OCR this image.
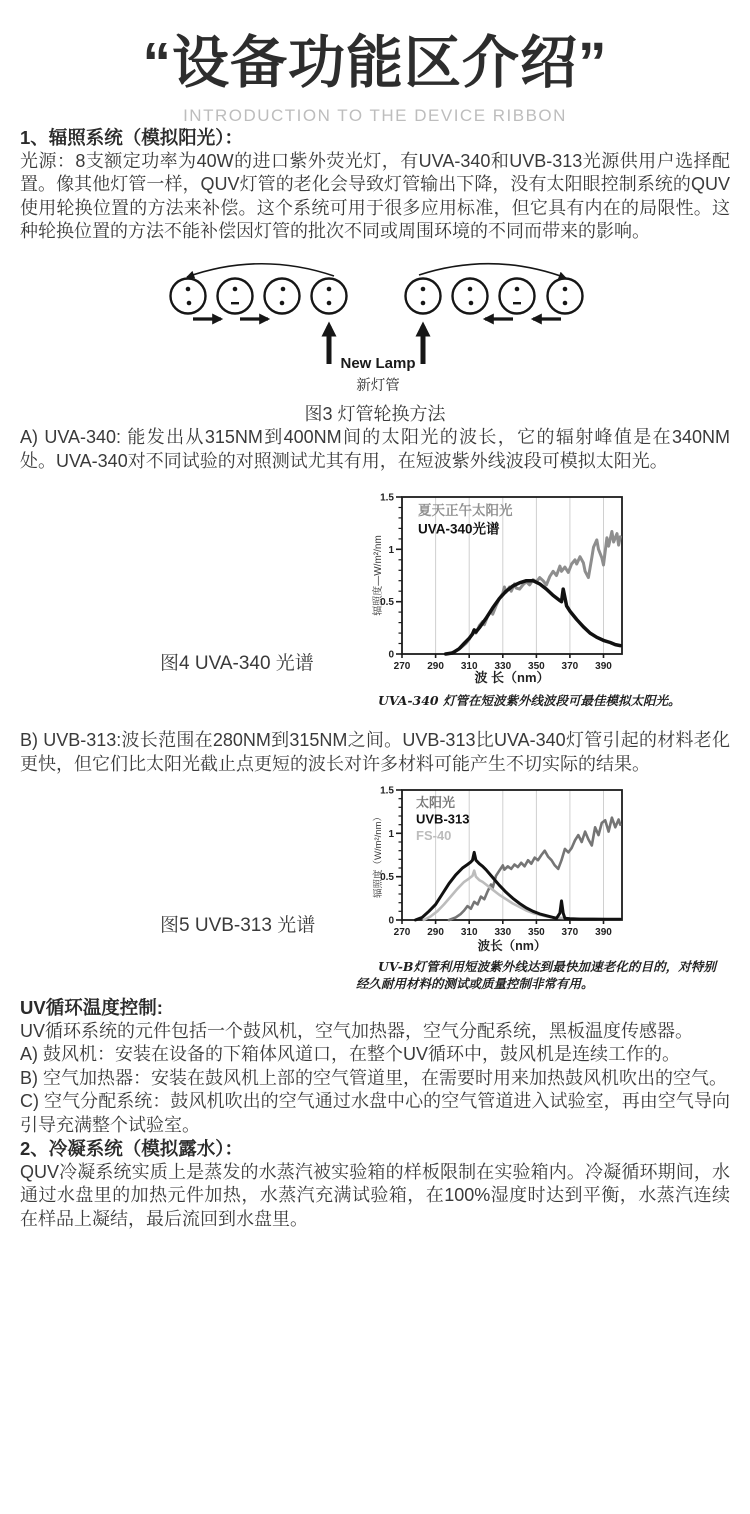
“设备功能区介绍”
INTRODUCTION TO THE DEVICE RIBBON

1、辐照系统（模拟阳光）：

光源：8支额定功率为40W的进口紫外荧光灯，有UVA-340和UVB-313光源供用户选择配置。像其他灯管一样，QUV灯管的老化会导致灯管输出下降，没有太阳眼控制系统的QUV使用轮换位置的方法来补偿。这个系统可用于很多应用标准，但它具有内在的局限性。这种轮换位置的方法不能补偿因灯管的批次不同或周围环境的不同而带来的影响。

New Lamp
新灯管
图3 灯管轮换方法

A) UVA-340: 能发出从315NM到400NM间的太阳光的波长，它的辐射峰值是在340NM处。UVA-340对不同试验的对照测试尤其有用，在短波紫外线波段可模拟太阳光。

图4 UVA-340 光谱	0
0.5
1
1.5
270 290 310 330 350 370 390
夏天正午太阳光
UVA-340光谱
波 长（nm）
辐照度—W/m²/nm
UVA-340 灯管在短波紫外线波段可最佳模拟太阳光。

B) UVB-313:波长范围在280NM到315NM之间。UVB-313比UVA-340灯管引起的材料老化更快，但它们比太阳光截止点更短的波长对许多材料可能产生不切实际的结果。

图5 UVB-313 光谱	0
0.5
1
1.5
270 290 310 330 350 370 390
太阳光
UVB-313
FS-40
波长（nm）
辐照度（W/m²/nm）
UV-B灯管利用短波紫外线达到最快加速老化的目的，对特别经久耐用材料的测试或质量控制非常有用。

UV循环温度控制:

UV循环系统的元件包括一个鼓风机，空气加热器，空气分配系统，黑板温度传感器。

A) 鼓风机：安装在设备的下箱体风道口，在整个UV循环中，鼓风机是连续工作的。

B) 空气加热器：安装在鼓风机上部的空气管道里，在需要时用来加热鼓风机吹出的空气。

C) 空气分配系统：鼓风机吹出的空气通过水盘中心的空气管道进入试验室，再由空气导向引导充满整个试验室。

2、冷凝系统（模拟露水）：

QUV冷凝系统实质上是蒸发的水蒸汽被实验箱的样板限制在实验箱内。冷凝循环期间，水通过水盘里的加热元件加热，水蒸汽充满试验箱，在100%湿度时达到平衡，水蒸汽连续在样品上凝结，最后流回到水盘里。
